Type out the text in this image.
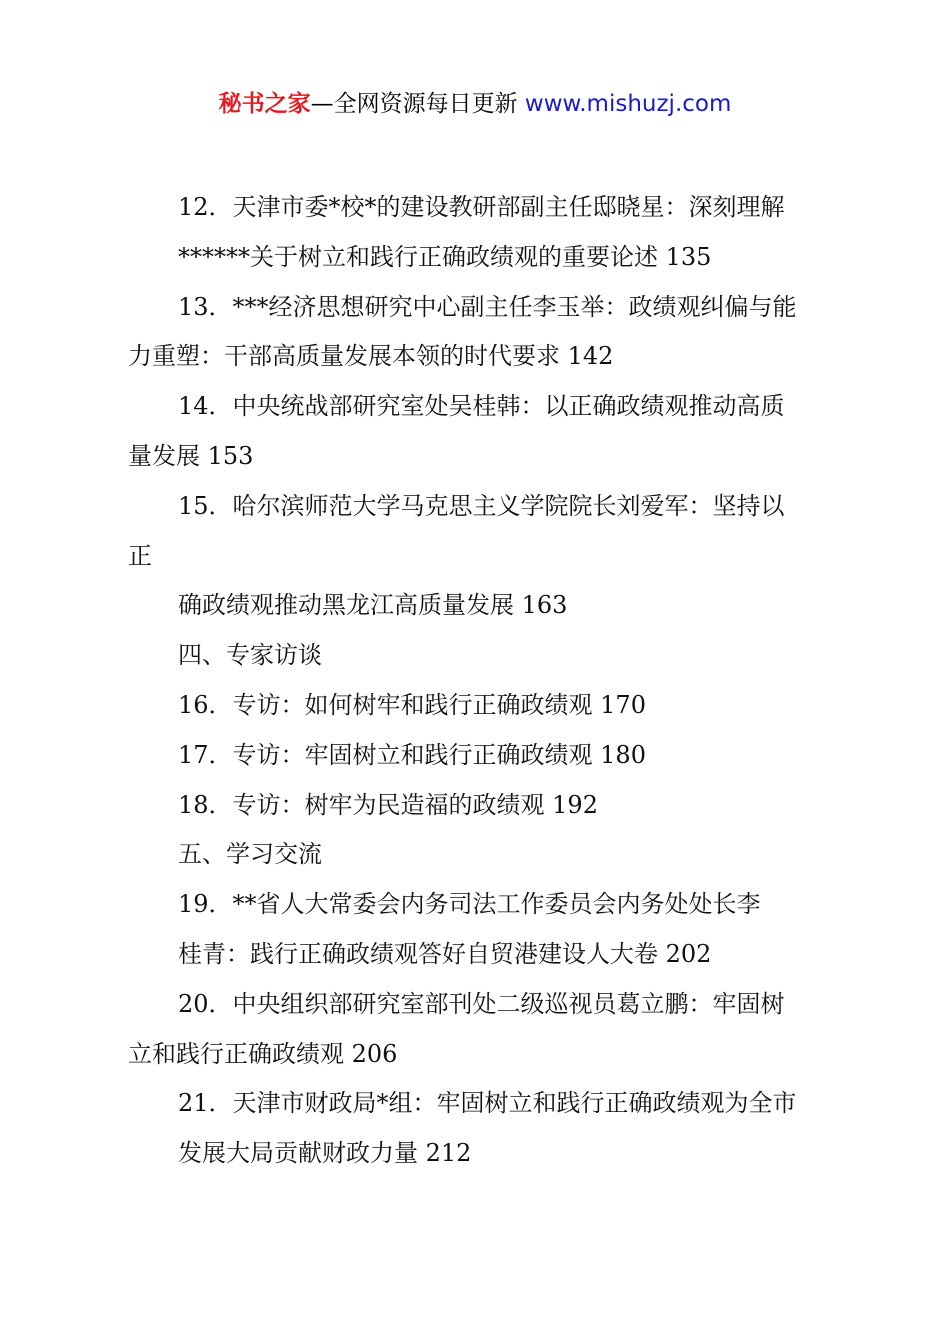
秘书之家—全网资源每日更新 www.mishuzj.com
12．天津市委*校*的建设教研部副主任邸晓星：深刻理解
******关于树立和践行正确政绩观的重要论述 135
13．***经济思想研究中心副主任李玉举：政绩观纠偏与能
力重塑：干部高质量发展本领的时代要求 142
14．中央统战部研究室处吴桂韩：以正确政绩观推动高质
量发展 153
15．哈尔滨师范大学马克思主义学院院长刘爱军：坚持以
正
确政绩观推动黑龙江高质量发展 163
四、专家访谈
16．专访：如何树牢和践行正确政绩观 170
17．专访：牢固树立和践行正确政绩观 180
18．专访：树牢为民造福的政绩观 192
五、学习交流
19．**省人大常委会内务司法工作委员会内务处处长李
桂青：践行正确政绩观答好自贸港建设人大卷 202
20．中央组织部研究室部刊处二级巡视员葛立鹏：牢固树
立和践行正确政绩观 206
21．天津市财政局*组：牢固树立和践行正确政绩观为全市
发展大局贡献财政力量 212
